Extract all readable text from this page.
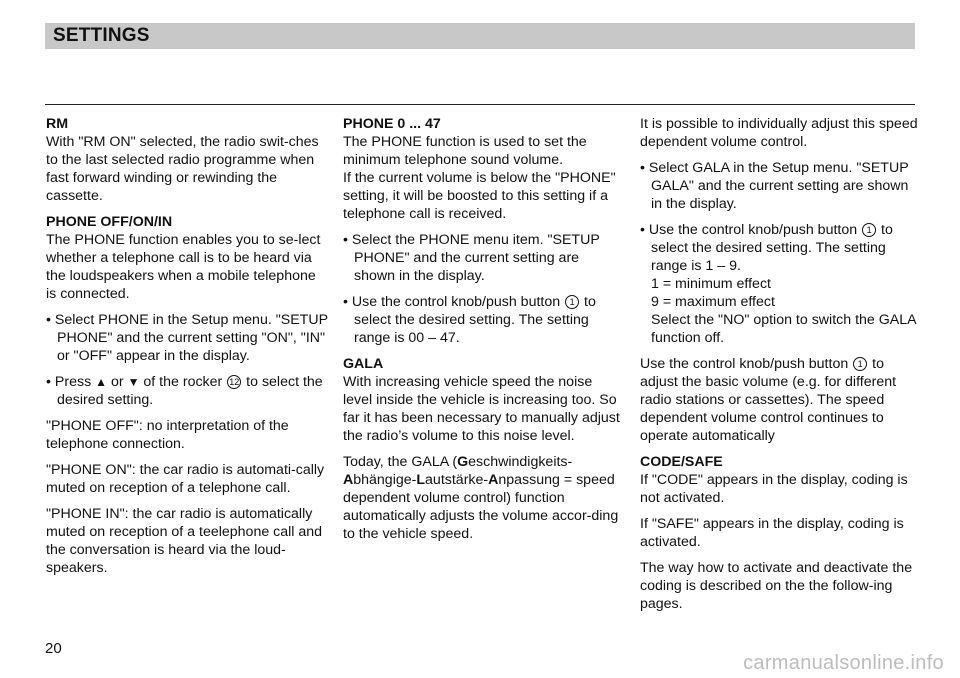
SETTINGS

RM

With "RM ON" selected, the radio swit-ches to the last selected radio programme when fast forward winding or rewinding the cassette.

PHONE OFF/ON/IN

The PHONE function enables you to se-lect whether a telephone call is to be heard via the loudspeakers when a mobile telephone is connected.

• Select PHONE in the Setup menu. "SETUP PHONE" and the current setting "ON", "IN" or "OFF" appear in the display.

• Press ▲ or ▼ of the rocker 12 to select the desired setting.

"PHONE OFF": no interpretation of the telephone connection.

"PHONE ON": the car radio is automati-cally muted on reception of a telephone call.

"PHONE IN": the car radio is automatically muted on reception of a teelephone call and the conversation is heard via the loud-speakers.

PHONE 0 ... 47

The PHONE function is used to set the minimum telephone sound volume.
If the current volume is below the "PHONE" setting, it will be boosted to this setting if a telephone call is received.

• Select the PHONE menu item. "SETUP PHONE" and the current setting are shown in the display.

• Use the control knob/push button 1 to select the desired setting. The setting range is 00 – 47.

GALA

With increasing vehicle speed the noise level inside the vehicle is increasing too. So far it has been necessary to manually adjust the radio’s volume to this noise level.

Today, the GALA (Geschwindigkeits-Abhängige-Lautstärke-Anpassung = speed dependent volume control) function automatically adjusts the volume accor-ding to the vehicle speed.

It is possible to individually adjust this speed dependent volume control.

• Select GALA in the Setup menu. "SETUP GALA" and the current setting are shown in the display.

• Use the control knob/push button 1 to select the desired setting. The setting range is 1 – 9.
1 = minimum effect
9 = maximum effect
Select the "NO" option to switch the GALA function off.

Use the control knob/push button 1 to adjust the basic volume (e.g. for different radio stations or cassettes). The speed dependent volume control continues to operate automatically

CODE/SAFE

If "CODE" appears in the display, coding is not activated.

If "SAFE" appears in the display, coding is activated.

The way how to activate and deactivate the coding is described on the the follow-ing pages.

20
carmanualsonline.info
